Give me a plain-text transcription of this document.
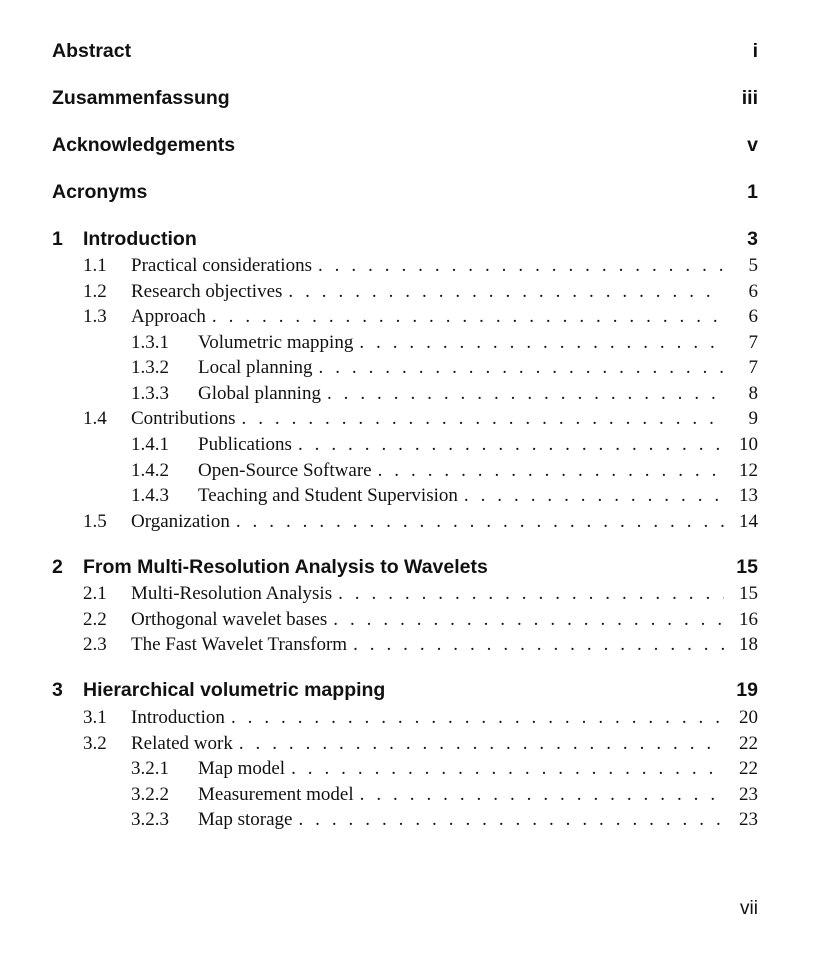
Abstract	i
Zusammenfassung	iii
Acknowledgements	v
Acronyms	1
1	Introduction	3
1.1	Practical considerations . . .	5
1.2	Research objectives . . .	6
1.3	Approach . . .	6
1.3.1	Volumetric mapping . . .	7
1.3.2	Local planning . . .	7
1.3.3	Global planning . . .	8
1.4	Contributions . . .	9
1.4.1	Publications . . .	10
1.4.2	Open-Source Software . . .	12
1.4.3	Teaching and Student Supervision . . .	13
1.5	Organization . . .	14
2	From Multi-Resolution Analysis to Wavelets	15
2.1	Multi-Resolution Analysis . . .	15
2.2	Orthogonal wavelet bases . . .	16
2.3	The Fast Wavelet Transform . . .	18
3	Hierarchical volumetric mapping	19
3.1	Introduction . . .	20
3.2	Related work . . .	22
3.2.1	Map model . . .	22
3.2.2	Measurement model . . .	23
3.2.3	Map storage . . .	23
vii
